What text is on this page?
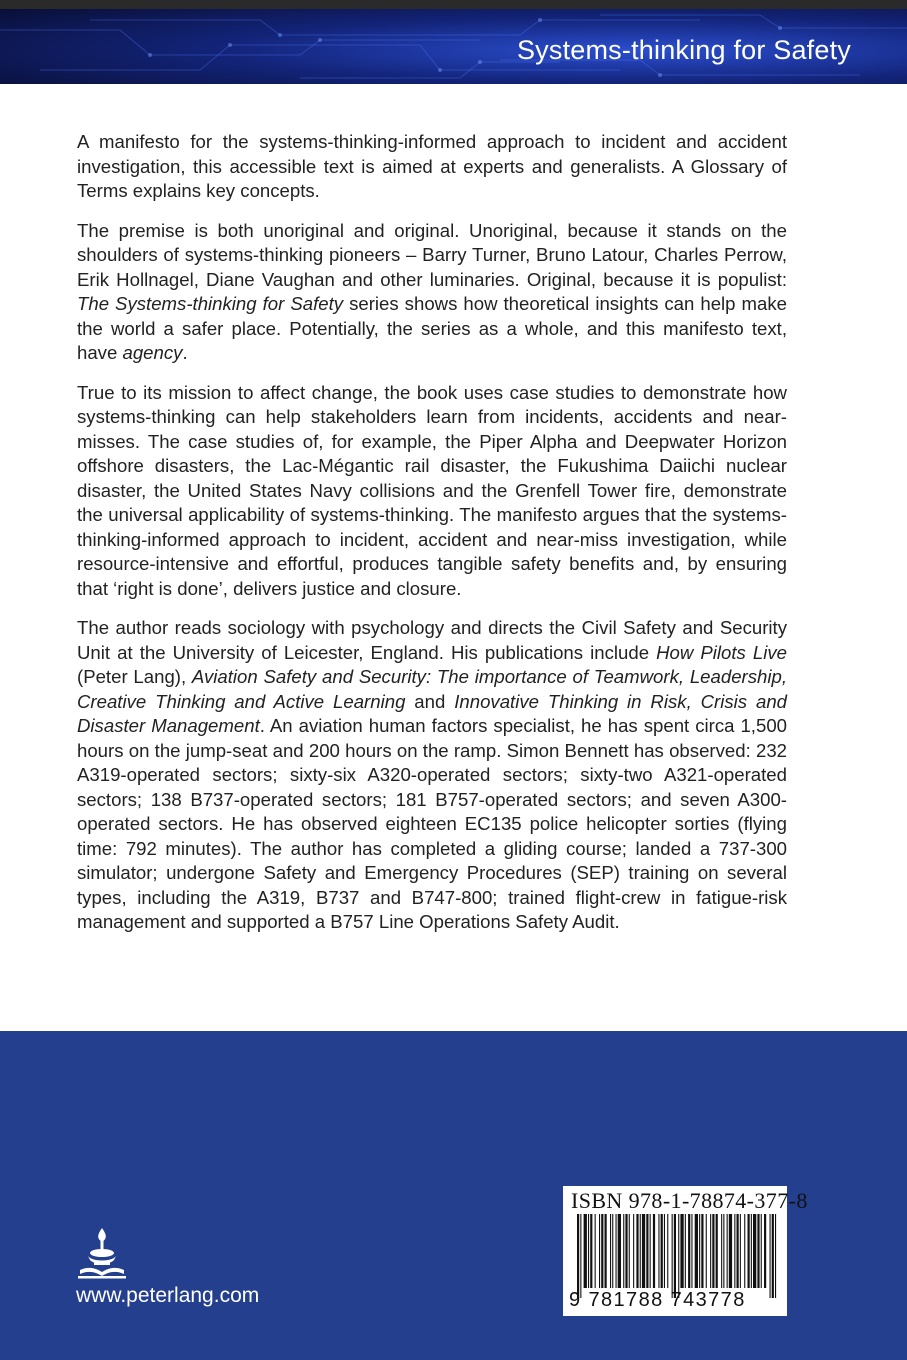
Systems-thinking for Safety

A manifesto for the systems-thinking-informed approach to incident and accident investigation, this accessible text is aimed at experts and generalists. A Glossary of Terms explains key concepts.

The premise is both unoriginal and original. Unoriginal, because it stands on the shoulders of systems-thinking pioneers – Barry Turner, Bruno Latour, Charles Perrow, Erik Hollnagel, Diane Vaughan and other luminaries. Original, because it is populist: The Systems-thinking for Safety series shows how theoretical insights can help make the world a safer place. Potentially, the series as a whole, and this manifesto text, have agency.

True to its mission to affect change, the book uses case studies to demonstrate how systems-thinking can help stakeholders learn from incidents, accidents and near-misses. The case studies of, for example, the Piper Alpha and Deepwater Horizon offshore disasters, the Lac-Mégantic rail disaster, the Fukushima Daiichi nuclear disaster, the United States Navy collisions and the Grenfell Tower fire, demonstrate the universal applicability of systems-thinking. The manifesto argues that the systems-thinking-informed approach to incident, accident and near-miss investigation, while resource-intensive and effortful, produces tangible safety benefits and, by ensuring that ‘right is done’, delivers justice and closure.

The author reads sociology with psychology and directs the Civil Safety and Security Unit at the University of Leicester, England. His publications include How Pilots Live (Peter Lang), Aviation Safety and Security: The importance of Teamwork, Leadership, Creative Thinking and Active Learning and Innovative Thinking in Risk, Crisis and Disaster Management. An aviation human factors specialist, he has spent circa 1,500 hours on the jump-seat and 200 hours on the ramp. Simon Bennett has observed: 232 A319-operated sectors; sixty-six A320-operated sectors; sixty-two A321-operated sectors; 138 B737-operated sectors; 181 B757-operated sectors; and seven A300-operated sectors. He has observed eighteen EC135 police helicopter sorties (flying time: 792 minutes). The author has completed a gliding course; landed a 737-300 simulator; undergone Safety and Emergency Procedures (SEP) training on several types, including the A319, B737 and B747-800; trained flight-crew in fatigue-risk management and supported a B757 Line Operations Safety Audit.

www.peterlang.com
ISBN 978-1-78874-377-8
9 781788 743778
